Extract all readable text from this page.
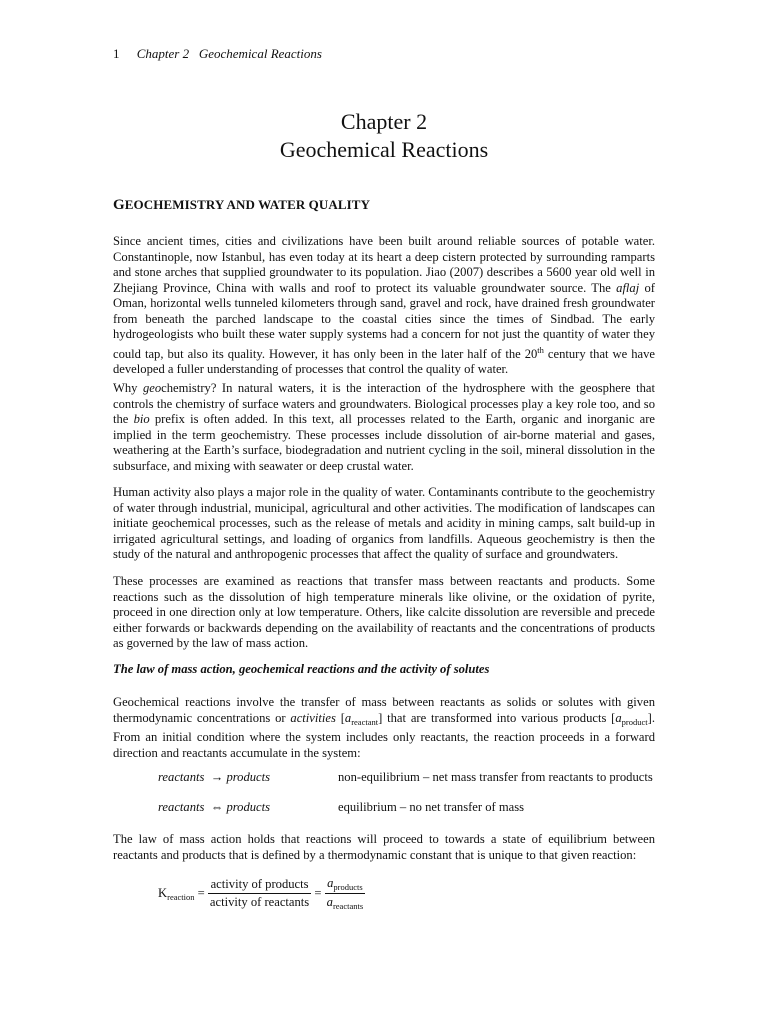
1 Chapter 2   Geochemical Reactions
Chapter 2
Geochemical Reactions
GEOCHEMISTRY AND WATER QUALITY

Since ancient times, cities and civilizations have been built around reliable sources of potable water. Constantinople, now Istanbul, has even today at its heart a deep cistern protected by surrounding ramparts and stone arches that supplied groundwater to its population. Jiao (2007) describes a 5600 year old well in Zhejiang Province, China with walls and roof to protect its valuable groundwater source. The aflaj of Oman, horizontal wells tunneled kilometers through sand, gravel and rock, have drained fresh groundwater from beneath the parched landscape to the coastal cities since the times of Sindbad. The early hydrogeologists who built these water supply systems had a concern for not just the quantity of water they could tap, but also its quality. However, it has only been in the later half of the 20th century that we have developed a fuller understanding of processes that control the quality of water.

Why geochemistry? In natural waters, it is the interaction of the hydrosphere with the geosphere that controls the chemistry of surface waters and groundwaters. Biological processes play a key role too, and so the bio prefix is often added. In this text, all processes related to the Earth, organic and inorganic are implied in the term geochemistry. These processes include dissolution of air-borne material and gases, weathering at the Earth’s surface, biodegradation and nutrient cycling in the soil, mineral dissolution in the subsurface, and mixing with seawater or deep crustal water.

Human activity also plays a major role in the quality of water. Contaminants contribute to the geochemistry of water through industrial, municipal, agricultural and other activities. The modification of landscapes can initiate geochemical processes, such as the release of metals and acidity in mining camps, salt build-up in irrigated agricultural settings, and loading of organics from landfills. Aqueous geochemistry is then the study of the natural and anthropogenic processes that affect the quality of surface and groundwaters.

These processes are examined as reactions that transfer mass between reactants and products. Some reactions such as the dissolution of high temperature minerals like olivine, or the oxidation of pyrite, proceed in one direction only at low temperature. Others, like calcite dissolution are reversible and precede either forwards or backwards depending on the availability of reactants and the concentrations of products as governed by the law of mass action.

The law of mass action, geochemical reactions and the activity of solutes

Geochemical reactions involve the transfer of mass between reactants as solids or solutes with given thermodynamic concentrations or activities $[a_{reactant}]$ that are transformed into various products $[a_{product}]$. From an initial condition where the system includes only reactants, the reaction proceeds in a forward direction and reactants accumulate in the system:

reactants  → products	non-equilibrium – net mass transfer from reactants to products
reactants  ⇔ products	equilibrium – no net transfer of mass

The law of mass action holds that reactions will proceed to towards a state of equilibrium between reactants and products that is defined by a thermodynamic constant that is unique to that given reaction:

$K_{reaction} = \frac{\text{activity of products}}{\text{activity of reactants}} = \frac{a_{products}}{a_{reactants}}$
